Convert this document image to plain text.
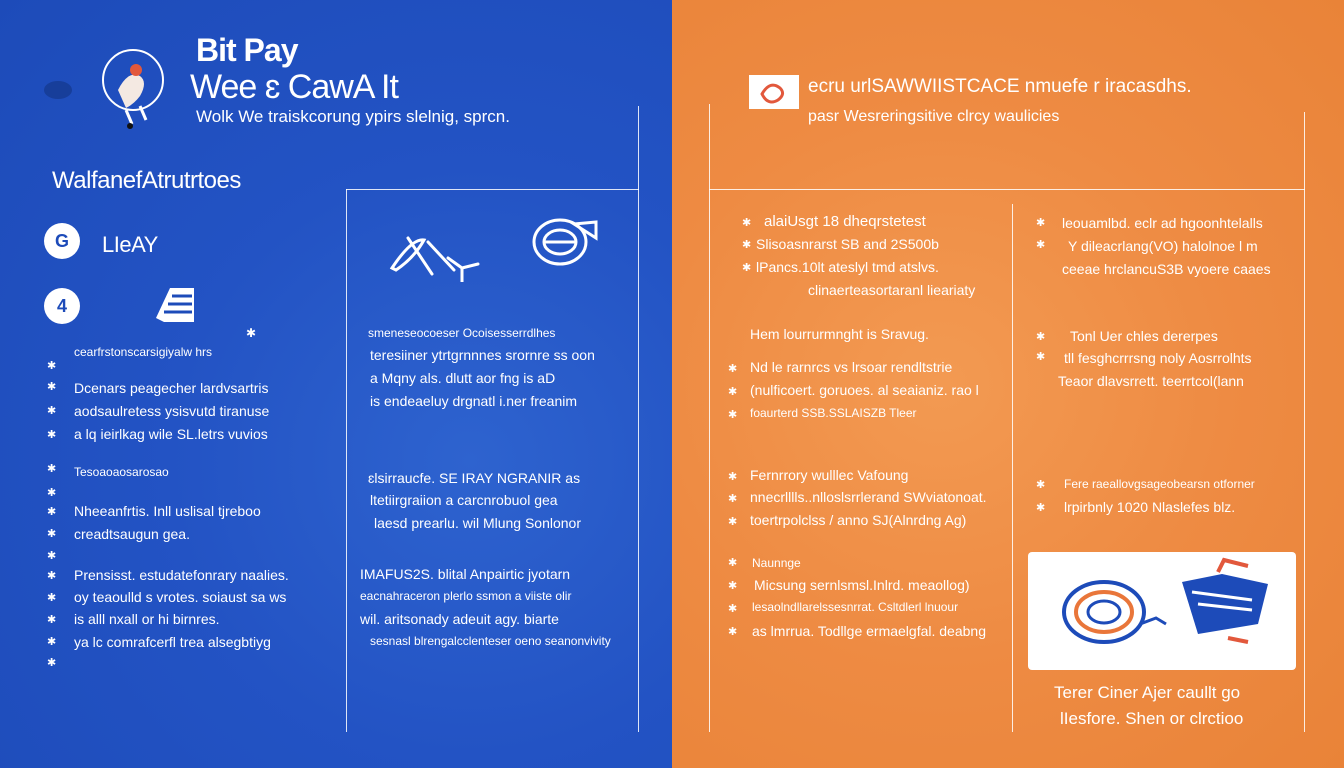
Bit Pay
Wee ɛ CawA It
Wolk We traiskcorung ypirs slelnig, sprcn.
WalfanefAtrutrtoes
G	LIeAY
4
✱
cearfrstonscarsigiyalw hrs
✱
✱
✱
✱
Dcenars peagecher lardvsartris
aodsaulretess ysisvutd tiranuse
a lq ieirlkag wile SL.letrs vuvios
✱ Tesoaoaosarosao
✱
✱
✱
✱
Nheeanfrtis. Inll uslisal tjreboo
creadtsaugun gea.
✱
✱
✱
✱
✱
Prensisst. estudatefonrary naalies.
oy teaoulld s vrotes. soiaust sa ws
is alll nxall or hi birnres.
ya lc comrafcerfl trea alsegbtiyg
smeneseocoeser Ocoisesserrdlhes
teresiiner ytrtgrnnnes srornre ss oon
a Mqny als. dlutt aor fng is aD
is endeaeluy drgnatl i.ner freanim
ɛlsirraucfe. SE IRAY NGRANIR as
ltetiirgraiion a carcnrobuol gea
laesd prearlu. wil Mlung Sonlonor
IMAFUS2S. blital Anpairtic jyotarn
eacnahraceron plerlo ssmon a viiste olir
wil. aritsonady adeuit agy. biarte
sesnasl blrengalcclenteser oeno seanonvivity
ecru urlSAWWIISTCACE nmuefe r iracasdhs.
pasr Wesreringsitive clrcy waulicies
✱
✱
✱
alaiUsgt 18 dheqrstetest
Slisoasnrarst SB and 2S500b
lPancs.10lt ateslyl tmd atslvs.
clinaerteasortaranl lieariaty
Hem lourrurmnght is Sravug.
✱
✱
✱
Nd le rarnrcs vs lrsoar rendltstrie
(nulficoert. goruoes. al seaianiz. rao l
foaurterd SSB.SSLAISZB Tleer
✱
✱
✱
Fernrrory wulllec Vafoung
nnecrlllls..nlloslsrrlerand SWviatonoat.
toertrpolclss / anno SJ(Alnrdng Ag)
✱ Naunnge
✱
✱
✱
Micsung sernlsmsl.Inlrd. meaollog)
lesaolndllarelssesnrrat. Csltdlerl lnuour
as lmrrua. Todllge ermaelgfal. deabng
✱
✱
leouamlbd. eclr ad hgoonhtelalls
Y dileacrlang(VO) halolnoe l m
ceeae hrclancuS3B vyoere caaes
✱
✱
Tonl Uer chles dererpes
tll fesghcrrrsng noly Aosrrolhts
Teaor dlavsrrett. teerrtcol(lann
✱
✱
Fere raeallovgsageobearsn otforner
lrpirbnly 1020 Nlaslefes blz.
Terer Ciner Ajer caullt go
lIesfore. Shen or clrctioo
